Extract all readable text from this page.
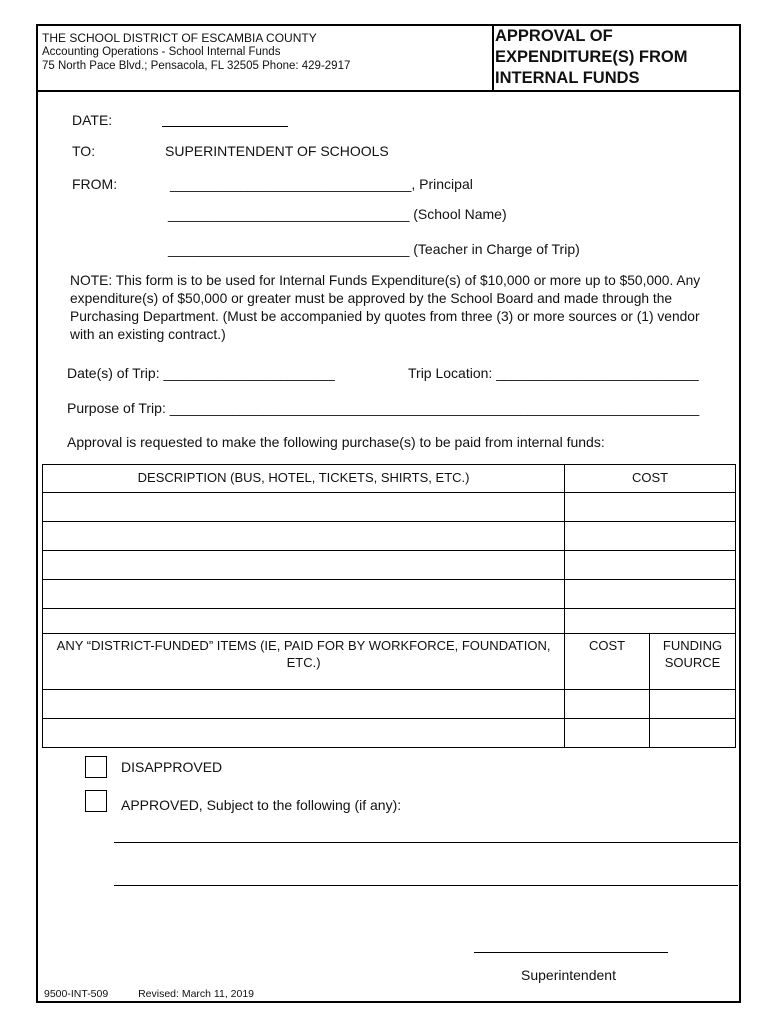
THE SCHOOL DISTRICT OF ESCAMBIA COUNTY
Accounting Operations - School Internal Funds
75 North Pace Blvd.; Pensacola, FL 32505 Phone: 429-2917
APPROVAL OF
EXPENDITURE(S) FROM
INTERNAL FUNDS
DATE:
TO:	SUPERINTENDENT OF SCHOOLS
FROM:	_______________________________, Principal
_______________________________ (School Name)
_______________________________ (Teacher in Charge of Trip)
NOTE: This form is to be used for Internal Funds Expenditure(s) of $10,000 or more up to $50,000. Any expenditure(s) of $50,000 or greater must be approved by the School Board and made through the Purchasing Department. (Must be accompanied by quotes from three (3) or more sources or (1) vendor with an existing contract.)
Date(s) of Trip: ______________________	Trip Location: __________________________
Purpose of Trip: ____________________________________________________________________
Approval is requested to make the following purchase(s) to be paid from internal funds:
DESCRIPTION (BUS, HOTEL, TICKETS, SHIRTS, ETC.)	COST	

ANY “DISTRICT-FUNDED” ITEMS (IE, PAID FOR BY WORKFORCE, FOUNDATION, ETC.)	COST	FUNDING SOURCE

DISAPPROVED
APPROVED, Subject to the following (if any):
Superintendent
9500-INT-509	Revised: March 11, 2019
